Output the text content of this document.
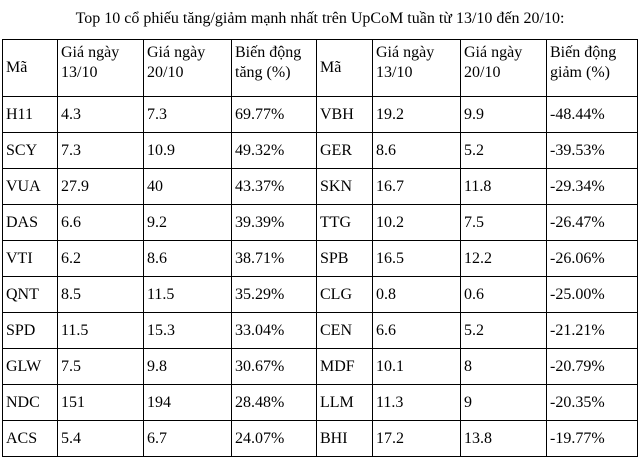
Top 10 cổ phiếu tăng/giảm mạnh nhất trên UpCoM tuần từ 13/10 đến 20/10:
Mã	Giá ngày 13/10	Giá ngày 20/10	Biến động tăng (%)	Mã	Giá ngày 13/10	Giá ngày 20/10	Biến động giảm (%)
H11	4.3	7.3	69.77%	VBH	19.2	9.9	-48.44%
SCY	7.3	10.9	49.32%	GER	8.6	5.2	-39.53%
VUA	27.9	40	43.37%	SKN	16.7	11.8	-29.34%
DAS	6.6	9.2	39.39%	TTG	10.2	7.5	-26.47%
VTI	6.2	8.6	38.71%	SPB	16.5	12.2	-26.06%
QNT	8.5	11.5	35.29%	CLG	0.8	0.6	-25.00%
SPD	11.5	15.3	33.04%	CEN	6.6	5.2	-21.21%
GLW	7.5	9.8	30.67%	MDF	10.1	8	-20.79%
NDC	151	194	28.48%	LLM	11.3	9	-20.35%
ACS	5.4	6.7	24.07%	BHI	17.2	13.8	-19.77%
